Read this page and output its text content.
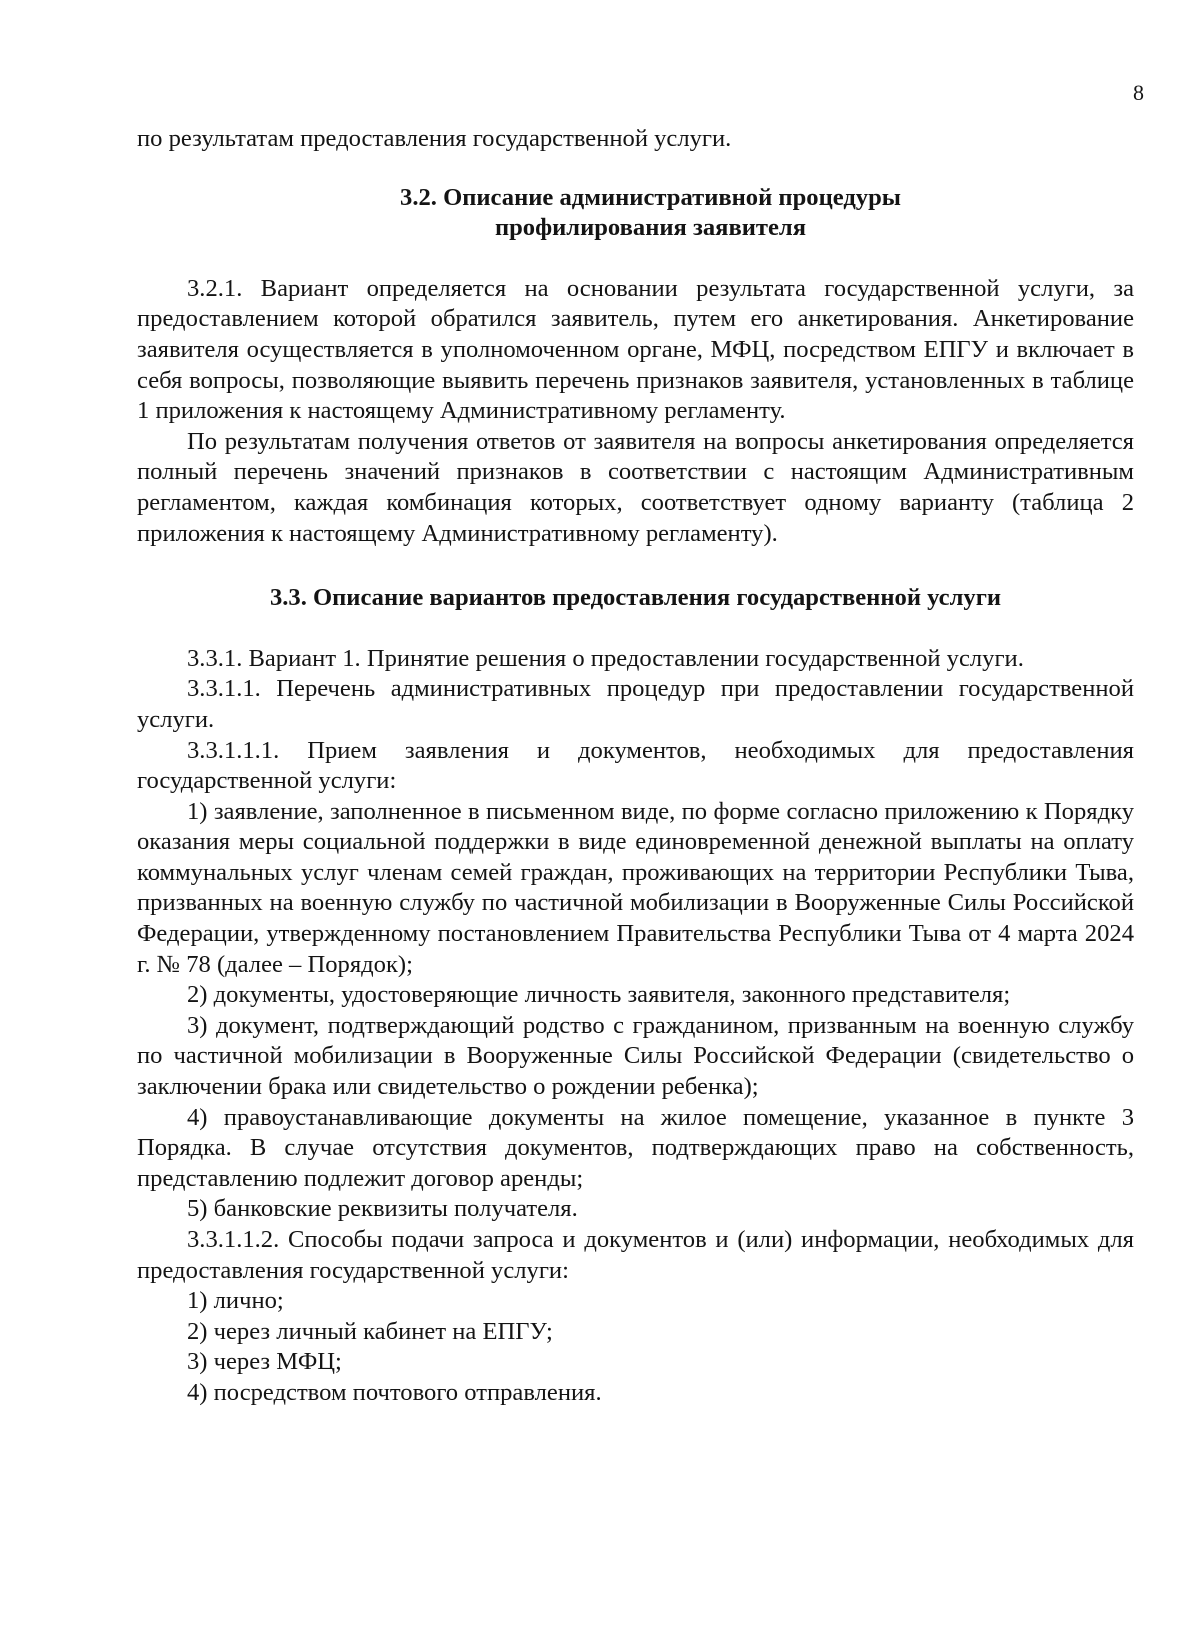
8

по результатам предоставления государственной услуги.

3.2. Описание административной процедуры
профилирования заявителя

3.2.1. Вариант определяется на основании результата государственной услуги, за предоставлением которой обратился заявитель, путем его анкетирования. Анкетирование заявителя осуществляется в уполномоченном органе, МФЦ, посредством ЕПГУ и включает в себя вопросы, позволяющие выявить перечень признаков заявителя, установленных в таблице 1 приложения к настоящему Административному регламенту.

По результатам получения ответов от заявителя на вопросы анкетирования определяется полный перечень значений признаков в соответствии с настоящим Административным регламентом, каждая комбинация которых, соответствует одному варианту (таблица 2 приложения к настоящему Административному регламенту).

3.3. Описание вариантов предоставления государственной услуги

3.3.1. Вариант 1. Принятие решения о предоставлении государственной услуги.

3.3.1.1. Перечень административных процедур при предоставлении государственной услуги.

3.3.1.1.1. Прием заявления и документов, необходимых для предоставления государственной услуги:

1) заявление, заполненное в письменном виде, по форме согласно приложению к Порядку оказания меры социальной поддержки в виде единовременной денежной выплаты на оплату коммунальных услуг членам семей граждан, проживающих на территории Республики Тыва, призванных на военную службу по частичной мобилизации в Вооруженные Силы Российской Федерации, утвержденному постановлением Правительства Республики Тыва от 4 марта 2024 г. № 78 (далее – Порядок);

2) документы, удостоверяющие личность заявителя, законного представителя;

3) документ, подтверждающий родство с гражданином, призванным на военную службу по частичной мобилизации в Вооруженные Силы Российской Федерации (свидетельство о заключении брака или свидетельство о рождении ребенка);

4) правоустанавливающие документы на жилое помещение, указанное в пункте 3 Порядка. В случае отсутствия документов, подтверждающих право на собственность, представлению подлежит договор аренды;

5) банковские реквизиты получателя.

3.3.1.1.2. Способы подачи запроса и документов и (или) информации, необходимых для предоставления государственной услуги:

1) лично;

2) через личный кабинет на ЕПГУ;

3) через МФЦ;

4) посредством почтового отправления.
